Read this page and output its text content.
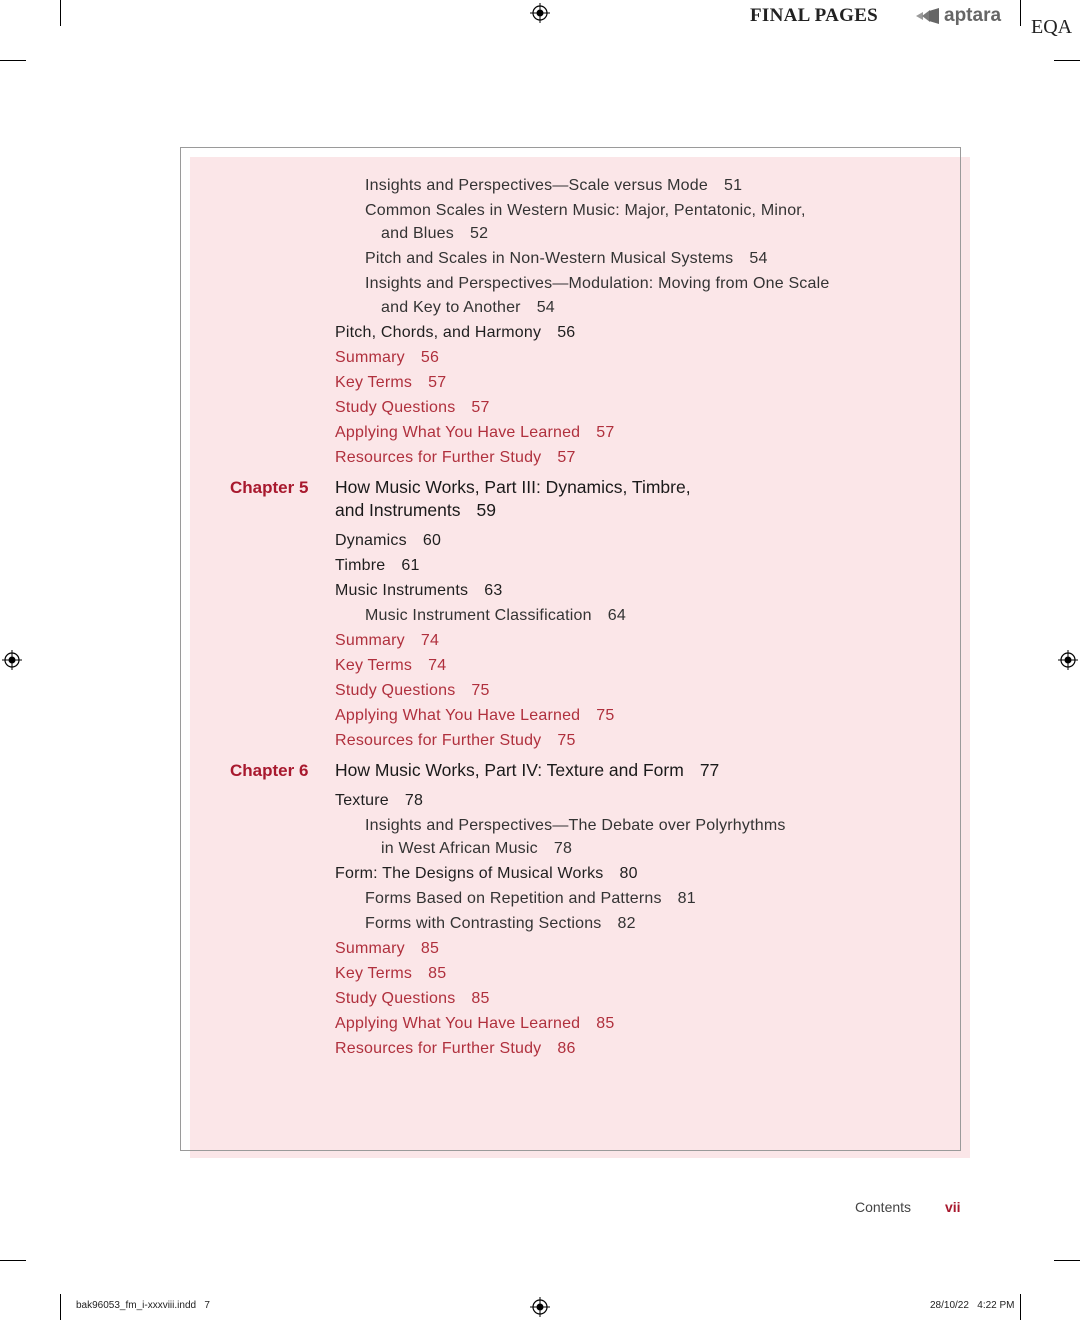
FINAL PAGES	aptara
EQA
Insights and Perspectives—Scale versus Mode 51
Common Scales in Western Music: Major, Pentatonic, Minor,
and Blues 52
Pitch and Scales in Non-Western Musical Systems 54
Insights and Perspectives—Modulation: Moving from One Scale
and Key to Another 54
Pitch, Chords, and Harmony 56
Summary 56
Key Terms 57
Study Questions 57
Applying What You Have Learned 57
Resources for Further Study 57
Chapter 5 How Music Works, Part III: Dynamics, Timbre,
and Instruments 59
Dynamics 60
Timbre 61
Music Instruments 63
Music Instrument Classification 64
Summary 74
Key Terms 74
Study Questions 75
Applying What You Have Learned 75
Resources for Further Study 75
Chapter 6 How Music Works, Part IV: Texture and Form 77
Texture 78
Insights and Perspectives—The Debate over Polyrhythms
in West African Music 78
Form: The Designs of Musical Works 80
Forms Based on Repetition and Patterns 81
Forms with Contrasting Sections 82
Summary 85
Key Terms 85
Study Questions 85
Applying What You Have Learned 85
Resources for Further Study 86
Contents vii
bak96053_fm_i-xxxviii.indd   7	28/10/22   4:22 PM
